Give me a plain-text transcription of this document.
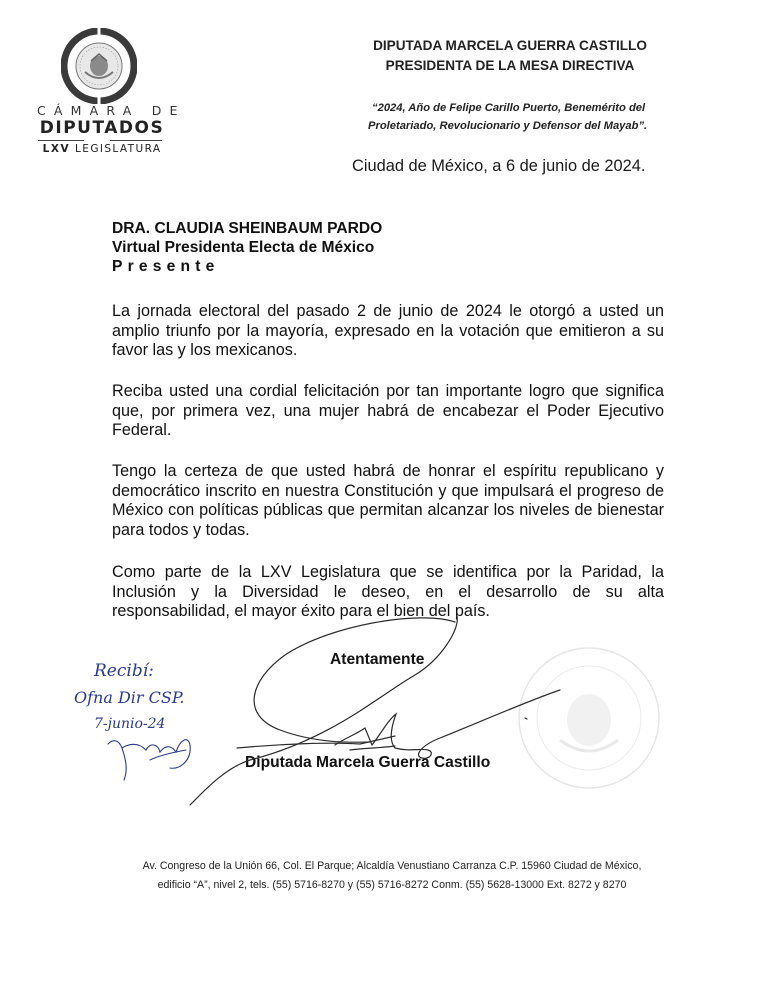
CÁMARA DE
DIPUTADOS
LXV LEGISLATURA
DIPUTADA MARCELA GUERRA CASTILLO
PRESIDENTA DE LA MESA DIRECTIVA
“2024, Año de Felipe Carillo Puerto, Benemérito del
Proletariado, Revolucionario y Defensor del Mayab”.
Ciudad de México, a 6 de junio de 2024.
DRA. CLAUDIA SHEINBAUM PARDO
Virtual Presidenta Electa de México
Presente
La jornada electoral del pasado 2 de junio de 2024 le otorgó a usted un amplio triunfo por la mayoría, expresado en la votación que emitieron a su favor las y los mexicanos.
Reciba usted una cordial felicitación por tan importante logro que significa que, por primera vez, una mujer habrá de encabezar el Poder Ejecutivo Federal.
Tengo la certeza de que usted habrá de honrar el espíritu republicano y democrático inscrito en nuestra Constitución y que impulsará el progreso de México con políticas públicas que permitan alcanzar los niveles de bienestar para todos y todas.
Como parte de la LXV Legislatura que se identifica por la Paridad, la Inclusión y la Diversidad le deseo, en el desarrollo de su alta responsabilidad, el mayor éxito para el bien del país.
Atentamente
Diputada Marcela Guerra Castillo
Recibí:
Ofna Dir CSP.
7-junio-24
Av. Congreso de la Unión 66, Col. El Parque; Alcaldía Venustiano Carranza C.P. 15960 Ciudad de México,
edificio “A”, nivel 2, tels. (55) 5716-8270 y (55) 5716-8272 Conm. (55) 5628-13000 Ext. 8272 y 8270
